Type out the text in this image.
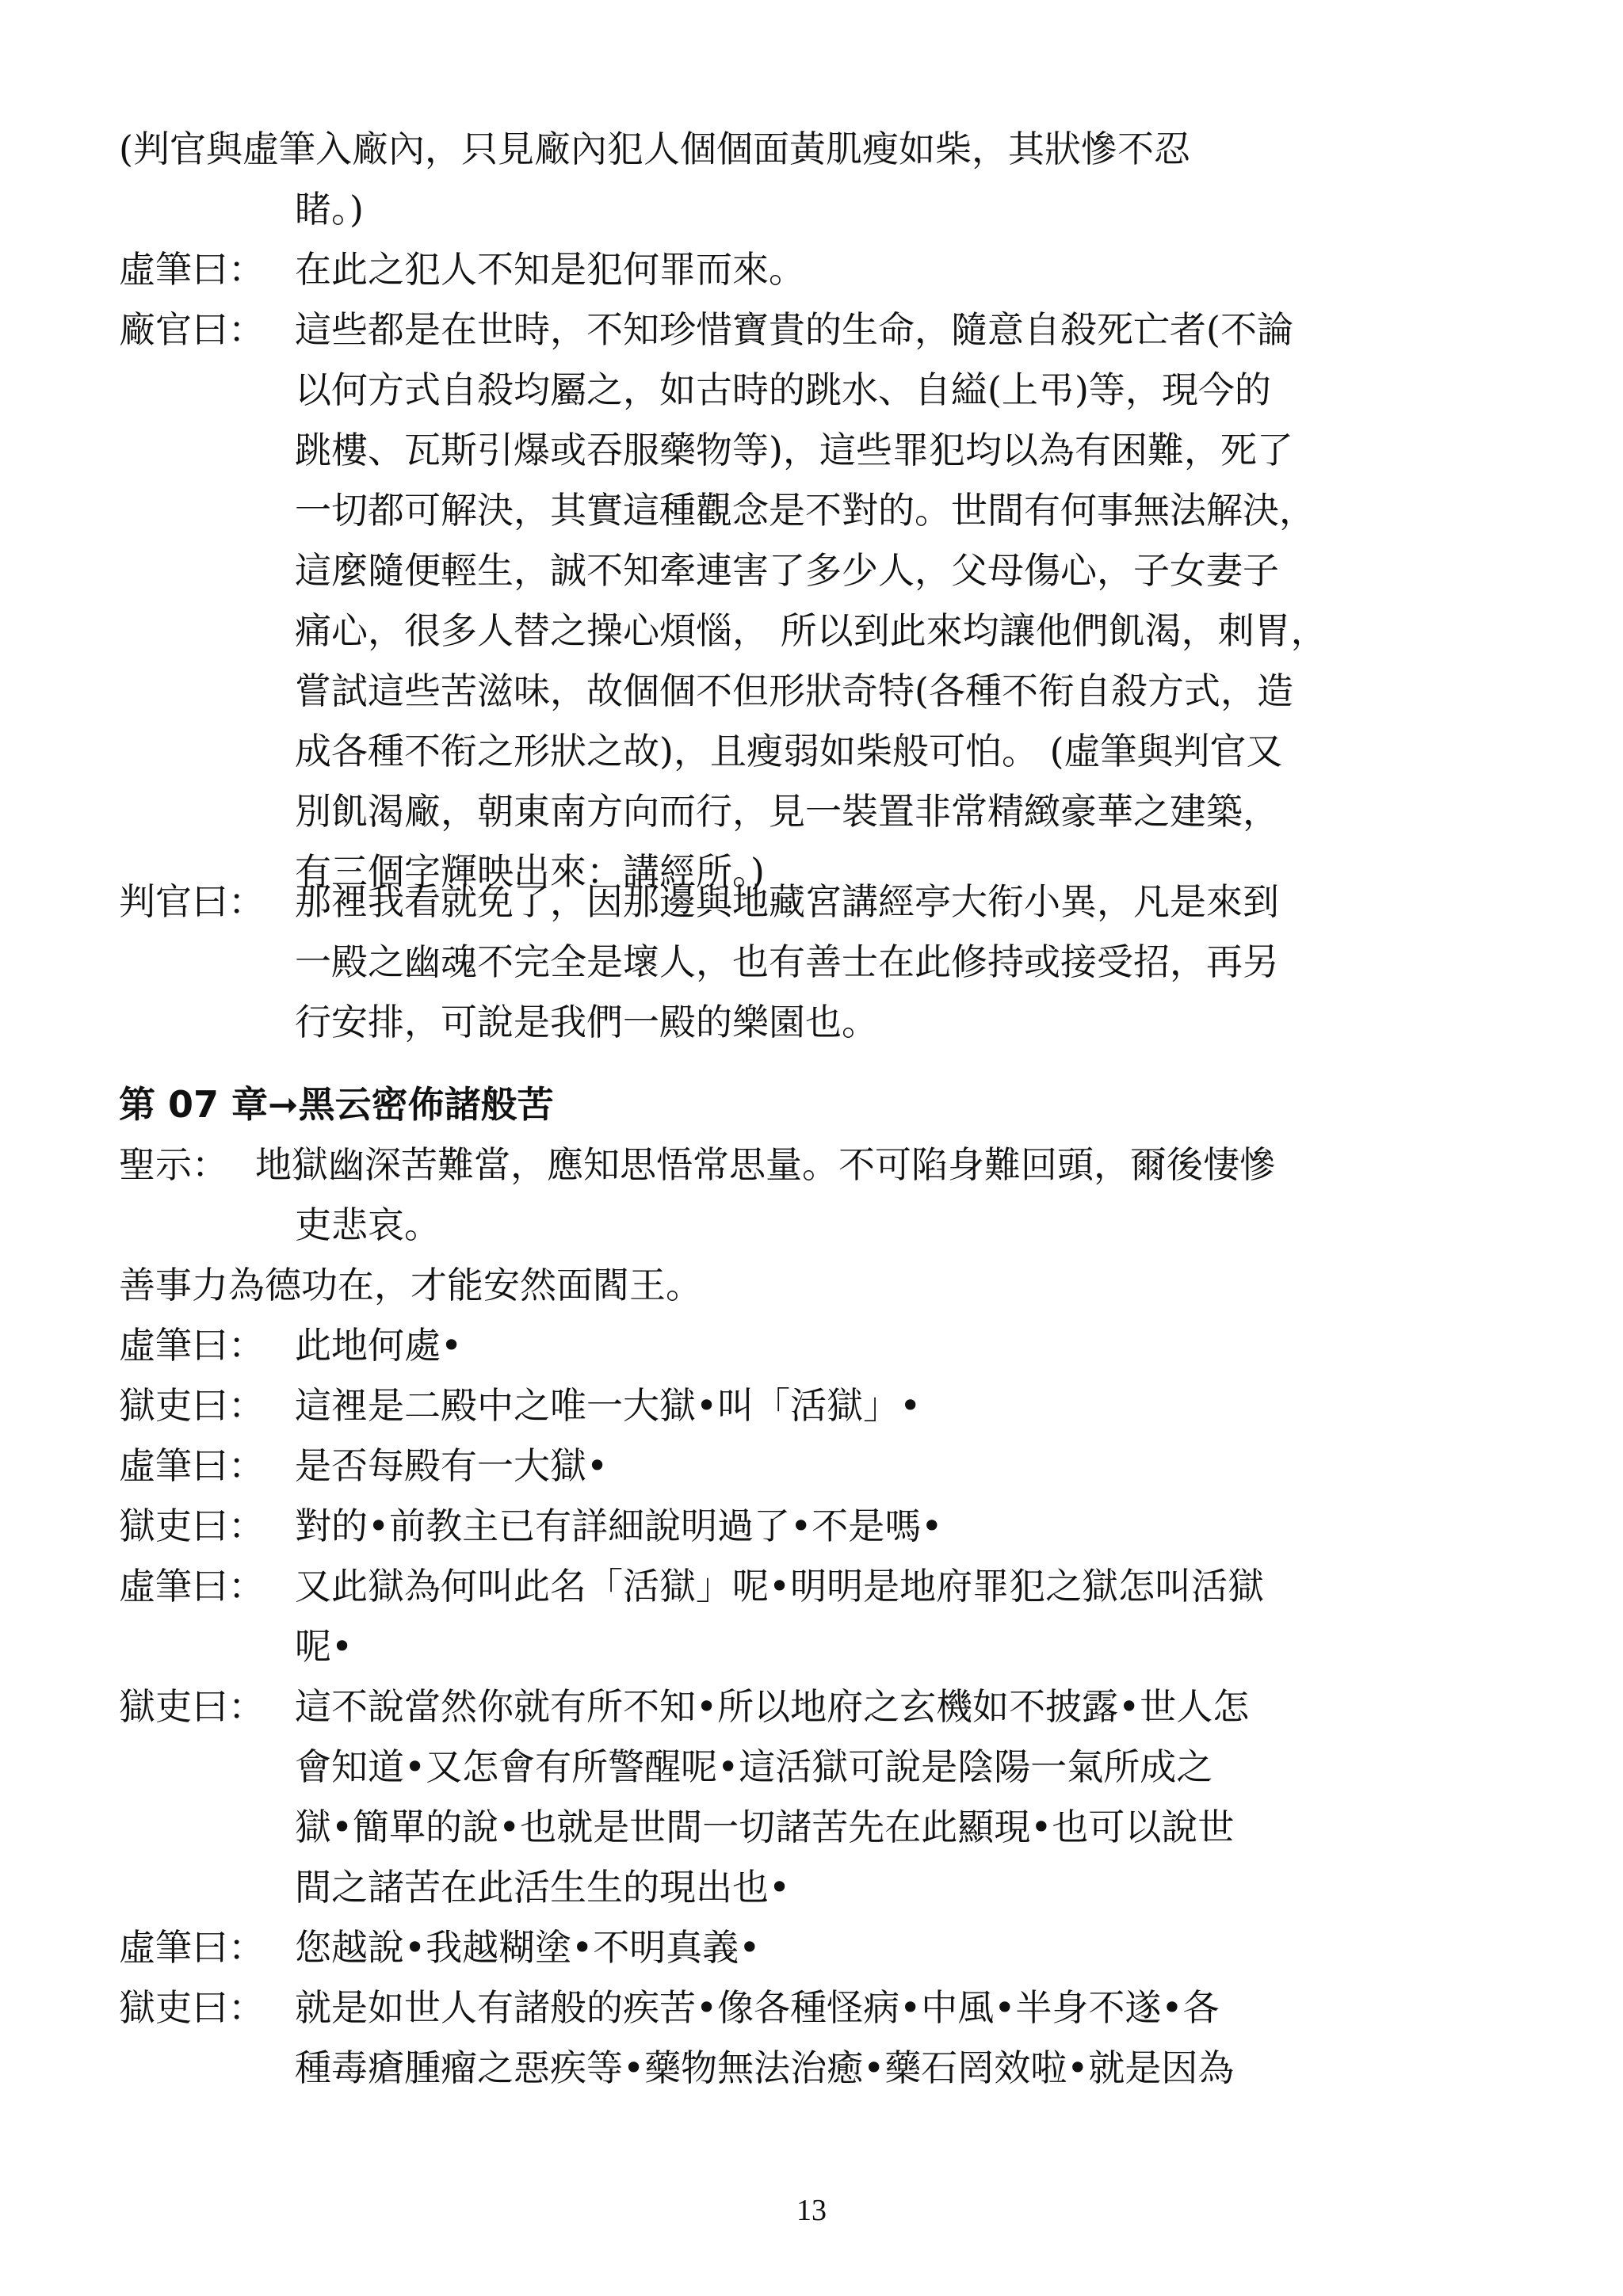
(判官與虛筆入廠內，只見廠內犯人個個面黃肌瘦如柴，其狀慘不忍
睹。)
虛筆曰： 在此之犯人不知是犯何罪而來。
廠官曰： 這些都是在世時，不知珍惜寶貴的生命，隨意自殺死亡者(不論
以何方式自殺均屬之，如古時的跳水、自縊(上弔)等，現今的
跳樓、瓦斯引爆或吞服藥物等)，這些罪犯均以為有困難，死了
一切都可解決，其實這種觀念是不對的。世間有何事無法解決，
這麼隨便輕生，誠不知牽連害了多少人，父母傷心，子女妻子
痛心，很多人替之操心煩惱， 所以到此來均讓他們飢渴，刺胃，
嘗試這些苦滋味，故個個不但形狀奇特(各種不衔自殺方式，造
成各種不衔之形狀之故)，且瘦弱如柴般可怕。 (虛筆與判官又
別飢渴廠，朝東南方向而行，見一裝置非常精緻豪華之建築，
有三個字輝映出來：講經所。)
判官曰： 那裡我看就免了，因那邊與地藏宮講經亭大衔小異，凡是來到
一殿之幽魂不完全是壞人，也有善士在此修持或接受招，再另
行安排，可說是我們一殿的樂園也。
第 07 章➞黑云密佈諸般苦
聖示： 地獄幽深苦難當，應知思悟常思量。不可陷身難回頭，爾後悽慘
吏悲哀。
善事力為德功在，才能安然面閻王。
虛筆曰： 此地何處•
獄吏曰： 這裡是二殿中之唯一大獄•叫「活獄」•
虛筆曰： 是否每殿有一大獄•
獄吏曰： 對的•前教主已有詳細說明過了•不是嗎•
虛筆曰： 又此獄為何叫此名「活獄」呢•明明是地府罪犯之獄怎叫活獄
呢•
獄吏曰： 這不說當然你就有所不知•所以地府之玄機如不披露•世人怎
會知道•又怎會有所警醒呢•這活獄可說是陰陽一氣所成之
獄•簡單的說•也就是世間一切諸苦先在此顯現•也可以說世
間之諸苦在此活生生的現出也•
虛筆曰： 您越說•我越糊塗•不明真義•
獄吏曰： 就是如世人有諸般的疾苦•像各種怪病•中風•半身不遂•各
種毒瘡腫瘤之惡疾等•藥物無法治癒•藥石罔效啦•就是因為
13
